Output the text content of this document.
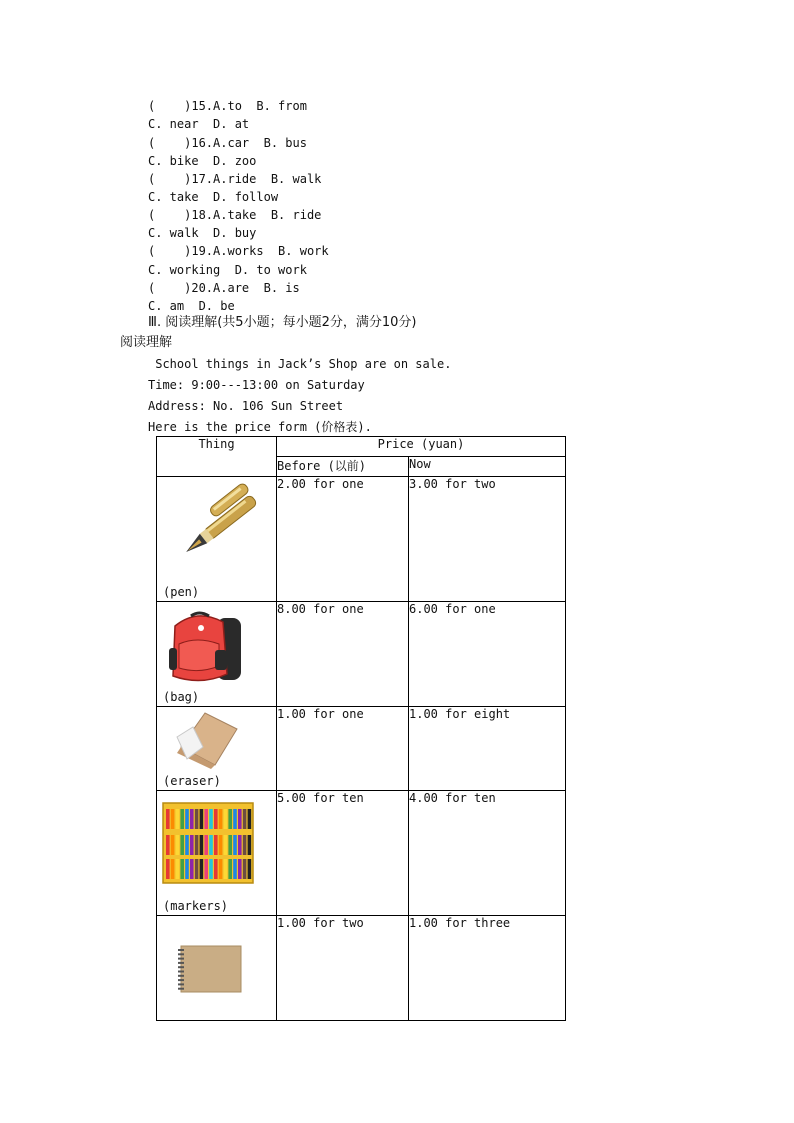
(    )15.A.to  B. from
C. near  D. at
(    )16.A.car  B. bus
C. bike  D. zoo
(    )17.A.ride  B. walk
C. take  D. follow
(    )18.A.take  B. ride
C. walk  D. buy
(    )19.A.works  B. work
C. working  D. to work
(    )20.A.are  B. is
C. am  D. be
Ⅲ. 阅读理解(共5小题；每小题2分，满分10分)
阅读理解
School things in Jack’s Shop are on sale.
Time: 9:00---13:00 on Saturday
Address: No. 106 Sun Street
Here is the price form (价格表).
Thing	Price (yuan)	
	Before (以前)	Now

(pen)	2.00 for one	3.00 for two

(bag)	8.00 for one	6.00 for one

(eraser)	1.00 for one	1.00 for eight

(markers)	5.00 for ten	4.00 for ten

	1.00 for two	1.00 for three
